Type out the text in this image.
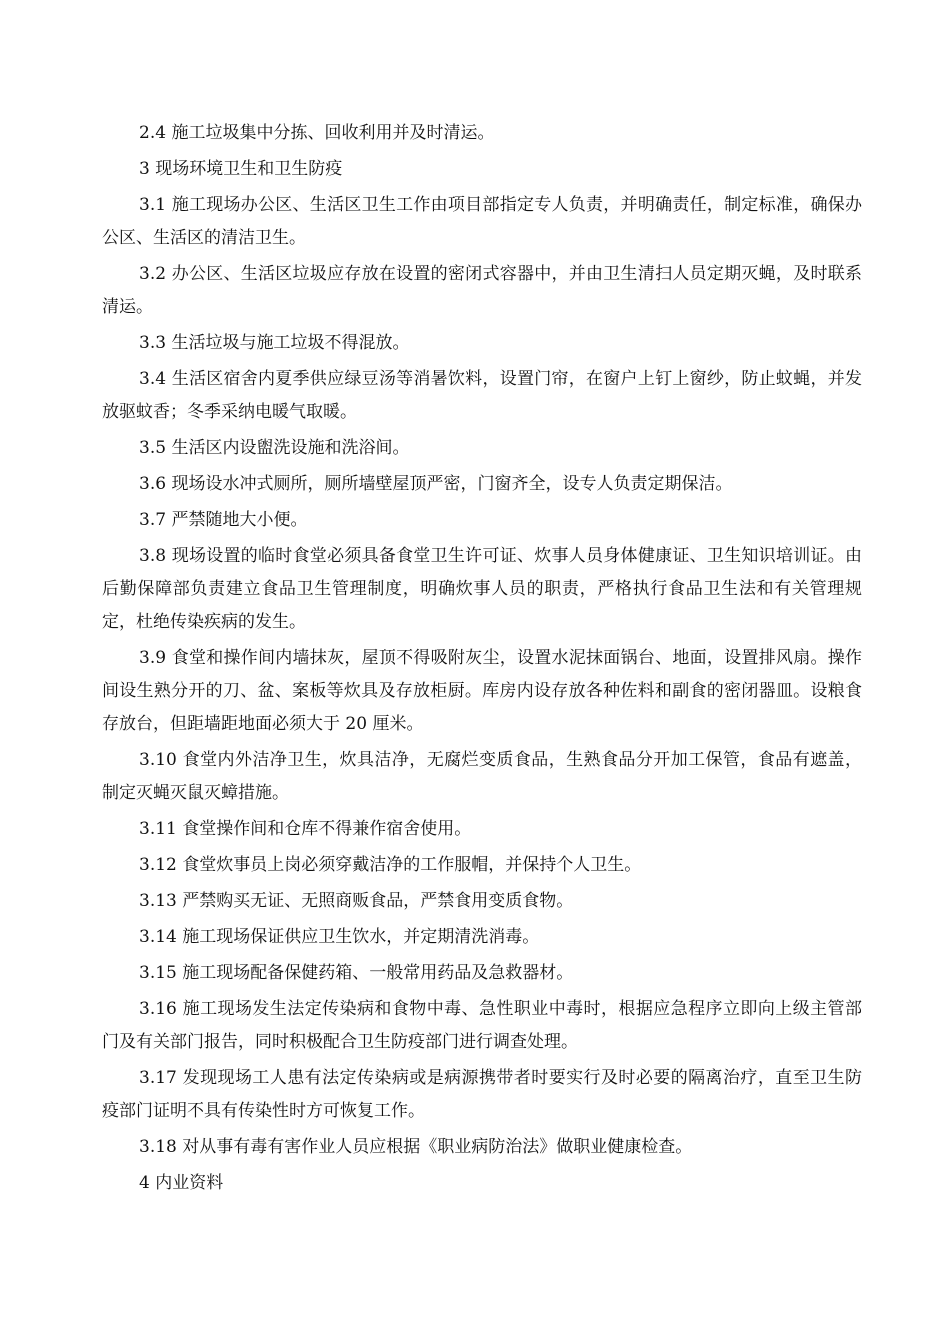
2.4 施工垃圾集中分拣、回收利用并及时清运。

3 现场环境卫生和卫生防疫

3.1 施工现场办公区、生活区卫生工作由项目部指定专人负责，并明确责任，制定标准，确保办公区、生活区的清洁卫生。

3.2 办公区、生活区垃圾应存放在设置的密闭式容器中，并由卫生清扫人员定期灭蝇，及时联系清运。

3.3 生活垃圾与施工垃圾不得混放。

3.4 生活区宿舍内夏季供应绿豆汤等消暑饮料，设置门帘，在窗户上钉上窗纱，防止蚊蝇，并发放驱蚊香；冬季采纳电暖气取暖。

3.5 生活区内设盥洗设施和洗浴间。

3.6 现场设水冲式厕所，厕所墙壁屋顶严密，门窗齐全，设专人负责定期保洁。

3.7 严禁随地大小便。

3.8 现场设置的临时食堂必须具备食堂卫生许可证、炊事人员身体健康证、卫生知识培训证。由后勤保障部负责建立食品卫生管理制度，明确炊事人员的职责，严格执行食品卫生法和有关管理规定，杜绝传染疾病的发生。

3.9 食堂和操作间内墙抹灰，屋顶不得吸附灰尘，设置水泥抹面锅台、地面，设置排风扇。操作间设生熟分开的刀、盆、案板等炊具及存放柜厨。库房内设存放各种佐料和副食的密闭器皿。设粮食存放台，但距墙距地面必须大于 20 厘米。

3.10 食堂内外洁净卫生，炊具洁净，无腐烂变质食品，生熟食品分开加工保管，食品有遮盖，制定灭蝇灭鼠灭蟑措施。

3.11 食堂操作间和仓库不得兼作宿舍使用。

3.12 食堂炊事员上岗必须穿戴洁净的工作服帽，并保持个人卫生。

3.13 严禁购买无证、无照商贩食品，严禁食用变质食物。

3.14 施工现场保证供应卫生饮水，并定期清洗消毒。

3.15 施工现场配备保健药箱、一般常用药品及急救器材。

3.16 施工现场发生法定传染病和食物中毒、急性职业中毒时，根据应急程序立即向上级主管部门及有关部门报告，同时积极配合卫生防疫部门进行调查处理。

3.17 发现现场工人患有法定传染病或是病源携带者时要实行及时必要的隔离治疗，直至卫生防疫部门证明不具有传染性时方可恢复工作。

3.18 对从事有毒有害作业人员应根据《职业病防治法》做职业健康检查。

4 内业资料
